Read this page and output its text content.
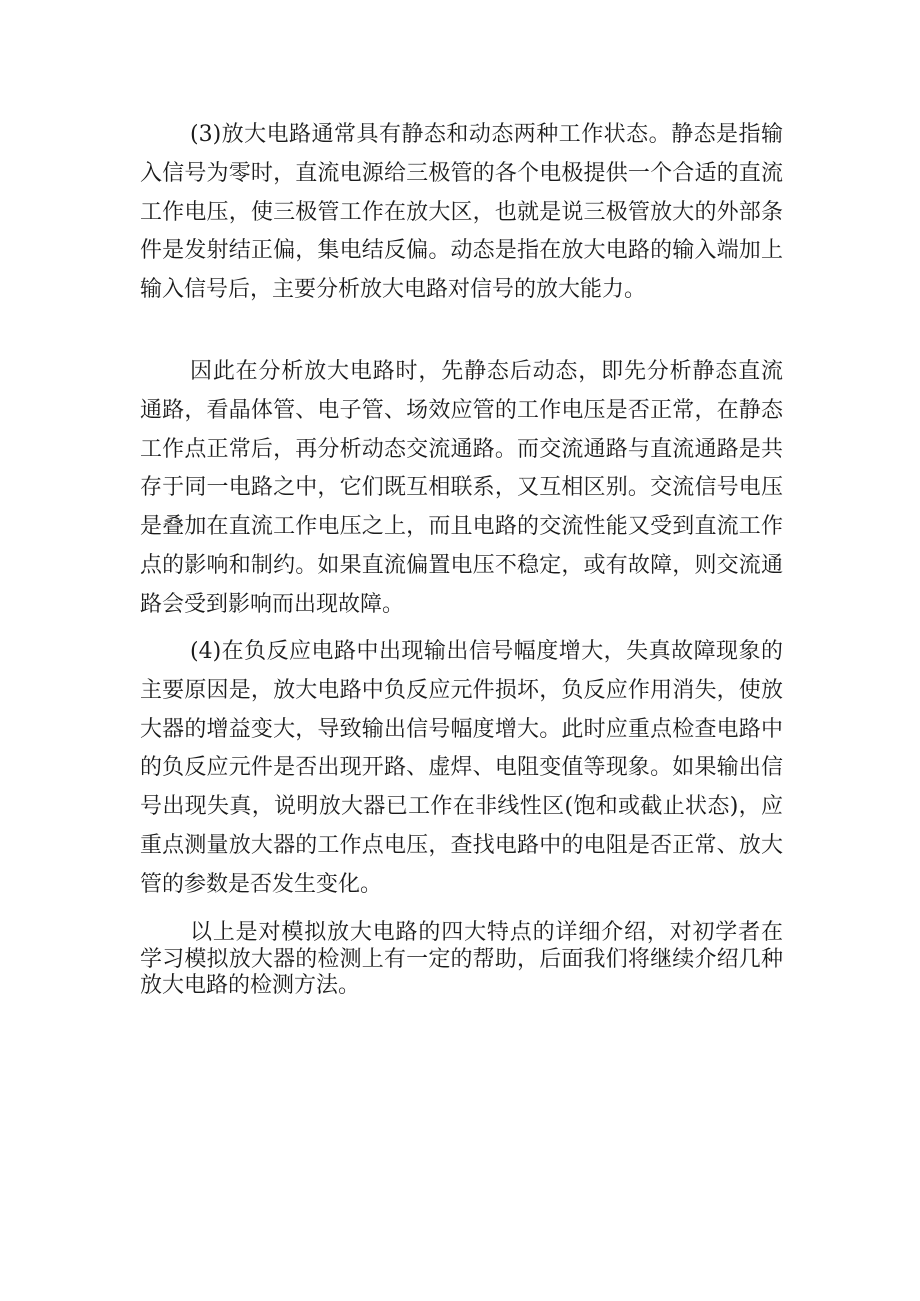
(3)放大电路通常具有静态和动态两种工作状态。静态是指输入信号为零时，直流电源给三极管的各个电极提供一个合适的直流工作电压，使三极管工作在放大区，也就是说三极管放大的外部条件是发射结正偏，集电结反偏。动态是指在放大电路的输入端加上输入信号后，主要分析放大电路对信号的放大能力。

因此在分析放大电路时，先静态后动态，即先分析静态直流通路，看晶体管、电子管、场效应管的工作电压是否正常，在静态工作点正常后，再分析动态交流通路。而交流通路与直流通路是共存于同一电路之中，它们既互相联系，又互相区别。交流信号电压是叠加在直流工作电压之上，而且电路的交流性能又受到直流工作点的影响和制约。如果直流偏置电压不稳定，或有故障，则交流通路会受到影响而出现故障。

(4)在负反应电路中出现输出信号幅度增大，失真故障现象的主要原因是，放大电路中负反应元件损坏，负反应作用消失，使放大器的增益变大，导致输出信号幅度增大。此时应重点检查电路中的负反应元件是否出现开路、虚焊、电阻变值等现象。如果输出信号出现失真，说明放大器已工作在非线性区(饱和或截止状态)，应重点测量放大器的工作点电压，查找电路中的电阻是否正常、放大管的参数是否发生变化。

以上是对模拟放大电路的四大特点的详细介绍，对初学者在学习模拟放大器的检测上有一定的帮助，后面我们将继续介绍几种放大电路的检测方法。
